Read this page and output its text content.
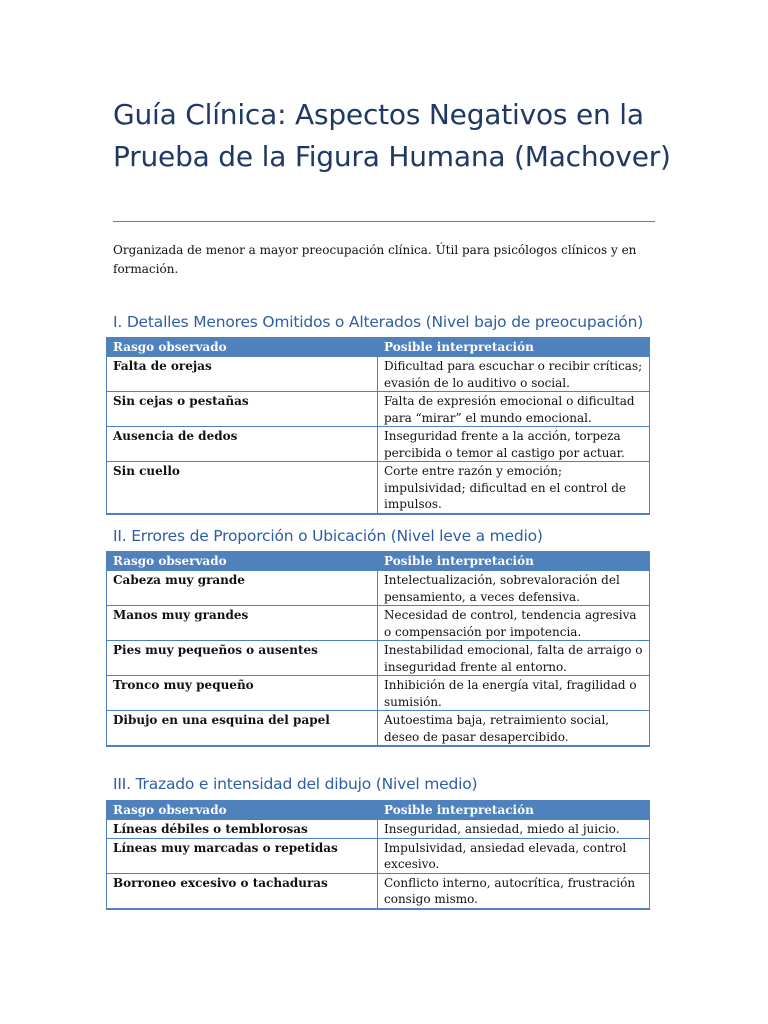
Guía Clínica: Aspectos Negativos en la Prueba de la Figura Humana (Machover)

Organizada de menor a mayor preocupación clínica. Útil para psicólogos clínicos y en formación.

I. Detalles Menores Omitidos o Alterados (Nivel bajo de preocupación)
Rasgo observado	Posible interpretación
Falta de orejas	Dificultad para escuchar o recibir críticas; evasión de lo auditivo o social.
Sin cejas o pestañas	Falta de expresión emocional o dificultad para “mirar” el mundo emocional.
Ausencia de dedos	Inseguridad frente a la acción, torpeza percibida o temor al castigo por actuar.
Sin cuello	Corte entre razón y emoción; impulsividad; dificultad en el control de impulsos.
II. Errores de Proporción o Ubicación (Nivel leve a medio)
Rasgo observado	Posible interpretación
Cabeza muy grande	Intelectualización, sobrevaloración del pensamiento, a veces defensiva.
Manos muy grandes	Necesidad de control, tendencia agresiva o compensación por impotencia.
Pies muy pequeños o ausentes	Inestabilidad emocional, falta de arraigo o inseguridad frente al entorno.
Tronco muy pequeño	Inhibición de la energía vital, fragilidad o sumisión.
Dibujo en una esquina del papel	Autoestima baja, retraimiento social, deseo de pasar desapercibido.
III. Trazado e intensidad del dibujo (Nivel medio)
Rasgo observado	Posible interpretación
Líneas débiles o temblorosas	Inseguridad, ansiedad, miedo al juicio.
Líneas muy marcadas o repetidas	Impulsividad, ansiedad elevada, control excesivo.
Borroneo excesivo o tachaduras	Conflicto interno, autocrítica, frustración consigo mismo.
